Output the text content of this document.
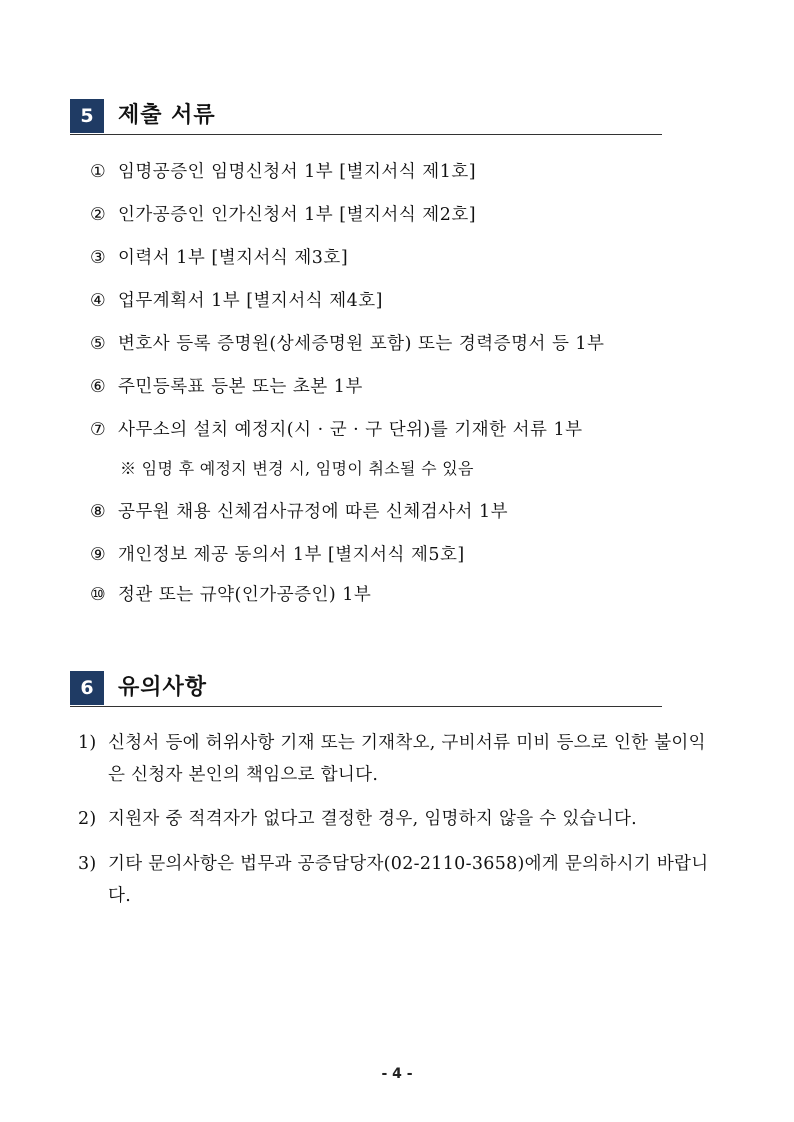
5	제출 서류
① 임명공증인 임명신청서 1부 [별지서식 제1호]
② 인가공증인 인가신청서 1부 [별지서식 제2호]
③ 이력서 1부 [별지서식 제3호]
④ 업무계획서 1부 [별지서식 제4호]
⑤ 변호사 등록 증명원(상세증명원 포함) 또는 경력증명서 등 1부
⑥ 주민등록표 등본 또는 초본 1부
⑦ 사무소의 설치 예정지(시 · 군 · 구 단위)를 기재한 서류 1부
※ 임명 후 예정지 변경 시, 임명이 취소될 수 있음
⑧ 공무원 채용 신체검사규정에 따른 신체검사서 1부
⑨ 개인정보 제공 동의서 1부 [별지서식 제5호]
⑩ 정관 또는 규약(인가공증인) 1부
6	유의사항
1) 신청서 등에 허위사항 기재 또는 기재착오, 구비서류 미비 등으로 인한 불이익은 신청자 본인의 책임으로 합니다.
2) 지원자 중 적격자가 없다고 결정한 경우, 임명하지 않을 수 있습니다.
3) 기타 문의사항은 법무과 공증담당자(02-2110-3658)에게 문의하시기 바랍니다.
- 4 -
